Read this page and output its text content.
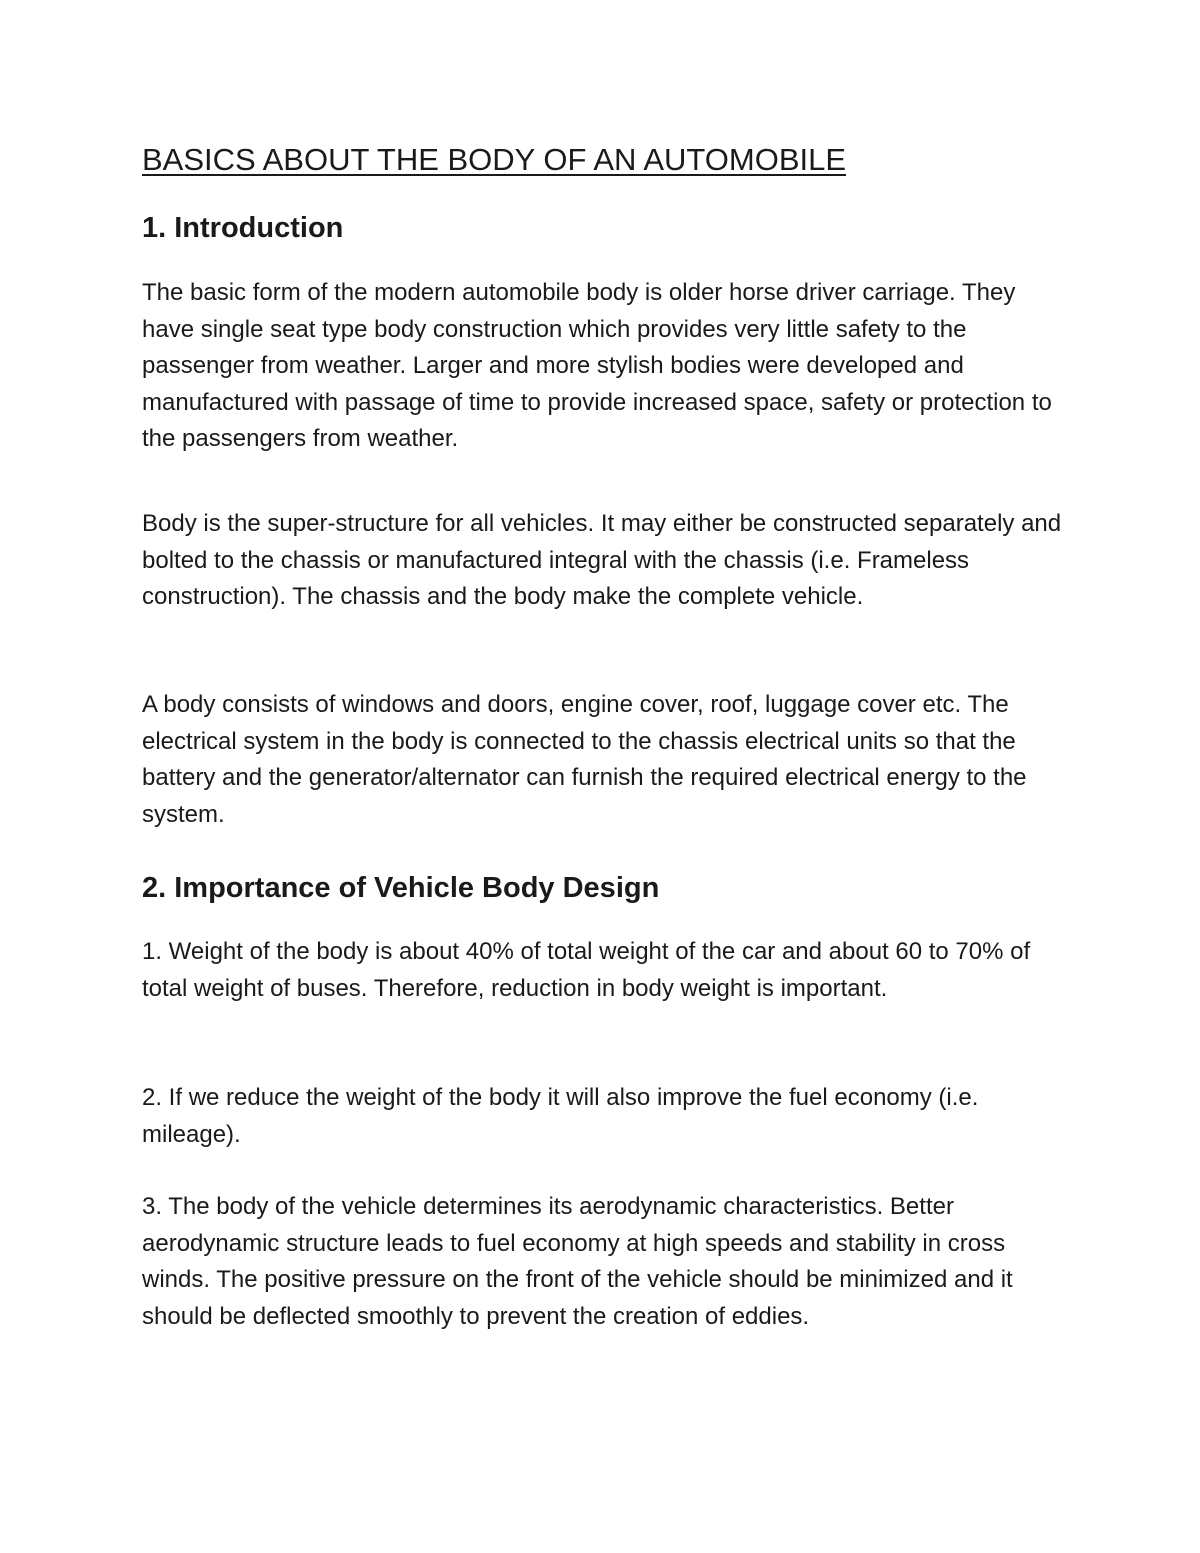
BASICS ABOUT THE BODY OF AN AUTOMOBILE
1. Introduction

The basic form of the modern automobile body is older horse driver carriage. They have single seat type body construction which provides very little safety to the passenger from weather. Larger and more stylish bodies were developed and manufactured with passage of time to provide increased space, safety or protection to the passengers from weather.

Body is the super-structure for all vehicles. It may either be constructed separately and bolted to the chassis or manufactured integral with the chassis (i.e. Frameless construction). The chassis and the body make the complete vehicle.

A body consists of windows and doors, engine cover, roof, luggage cover etc. The electrical system in the body is connected to the chassis electrical units so that the battery and the generator/alternator can furnish the required electrical energy to the system.

2. Importance of Vehicle Body Design

1. Weight of the body is about 40% of total weight of the car and about 60 to 70% of total weight of buses. Therefore, reduction in body weight is important.

2. If we reduce the weight of the body it will also improve the fuel economy (i.e. mileage).

3. The body of the vehicle determines its aerodynamic characteristics. Better aerodynamic structure leads to fuel economy at high speeds and stability in cross winds. The positive pressure on the front of the vehicle should be minimized and it should be deflected smoothly to prevent the creation of eddies.
